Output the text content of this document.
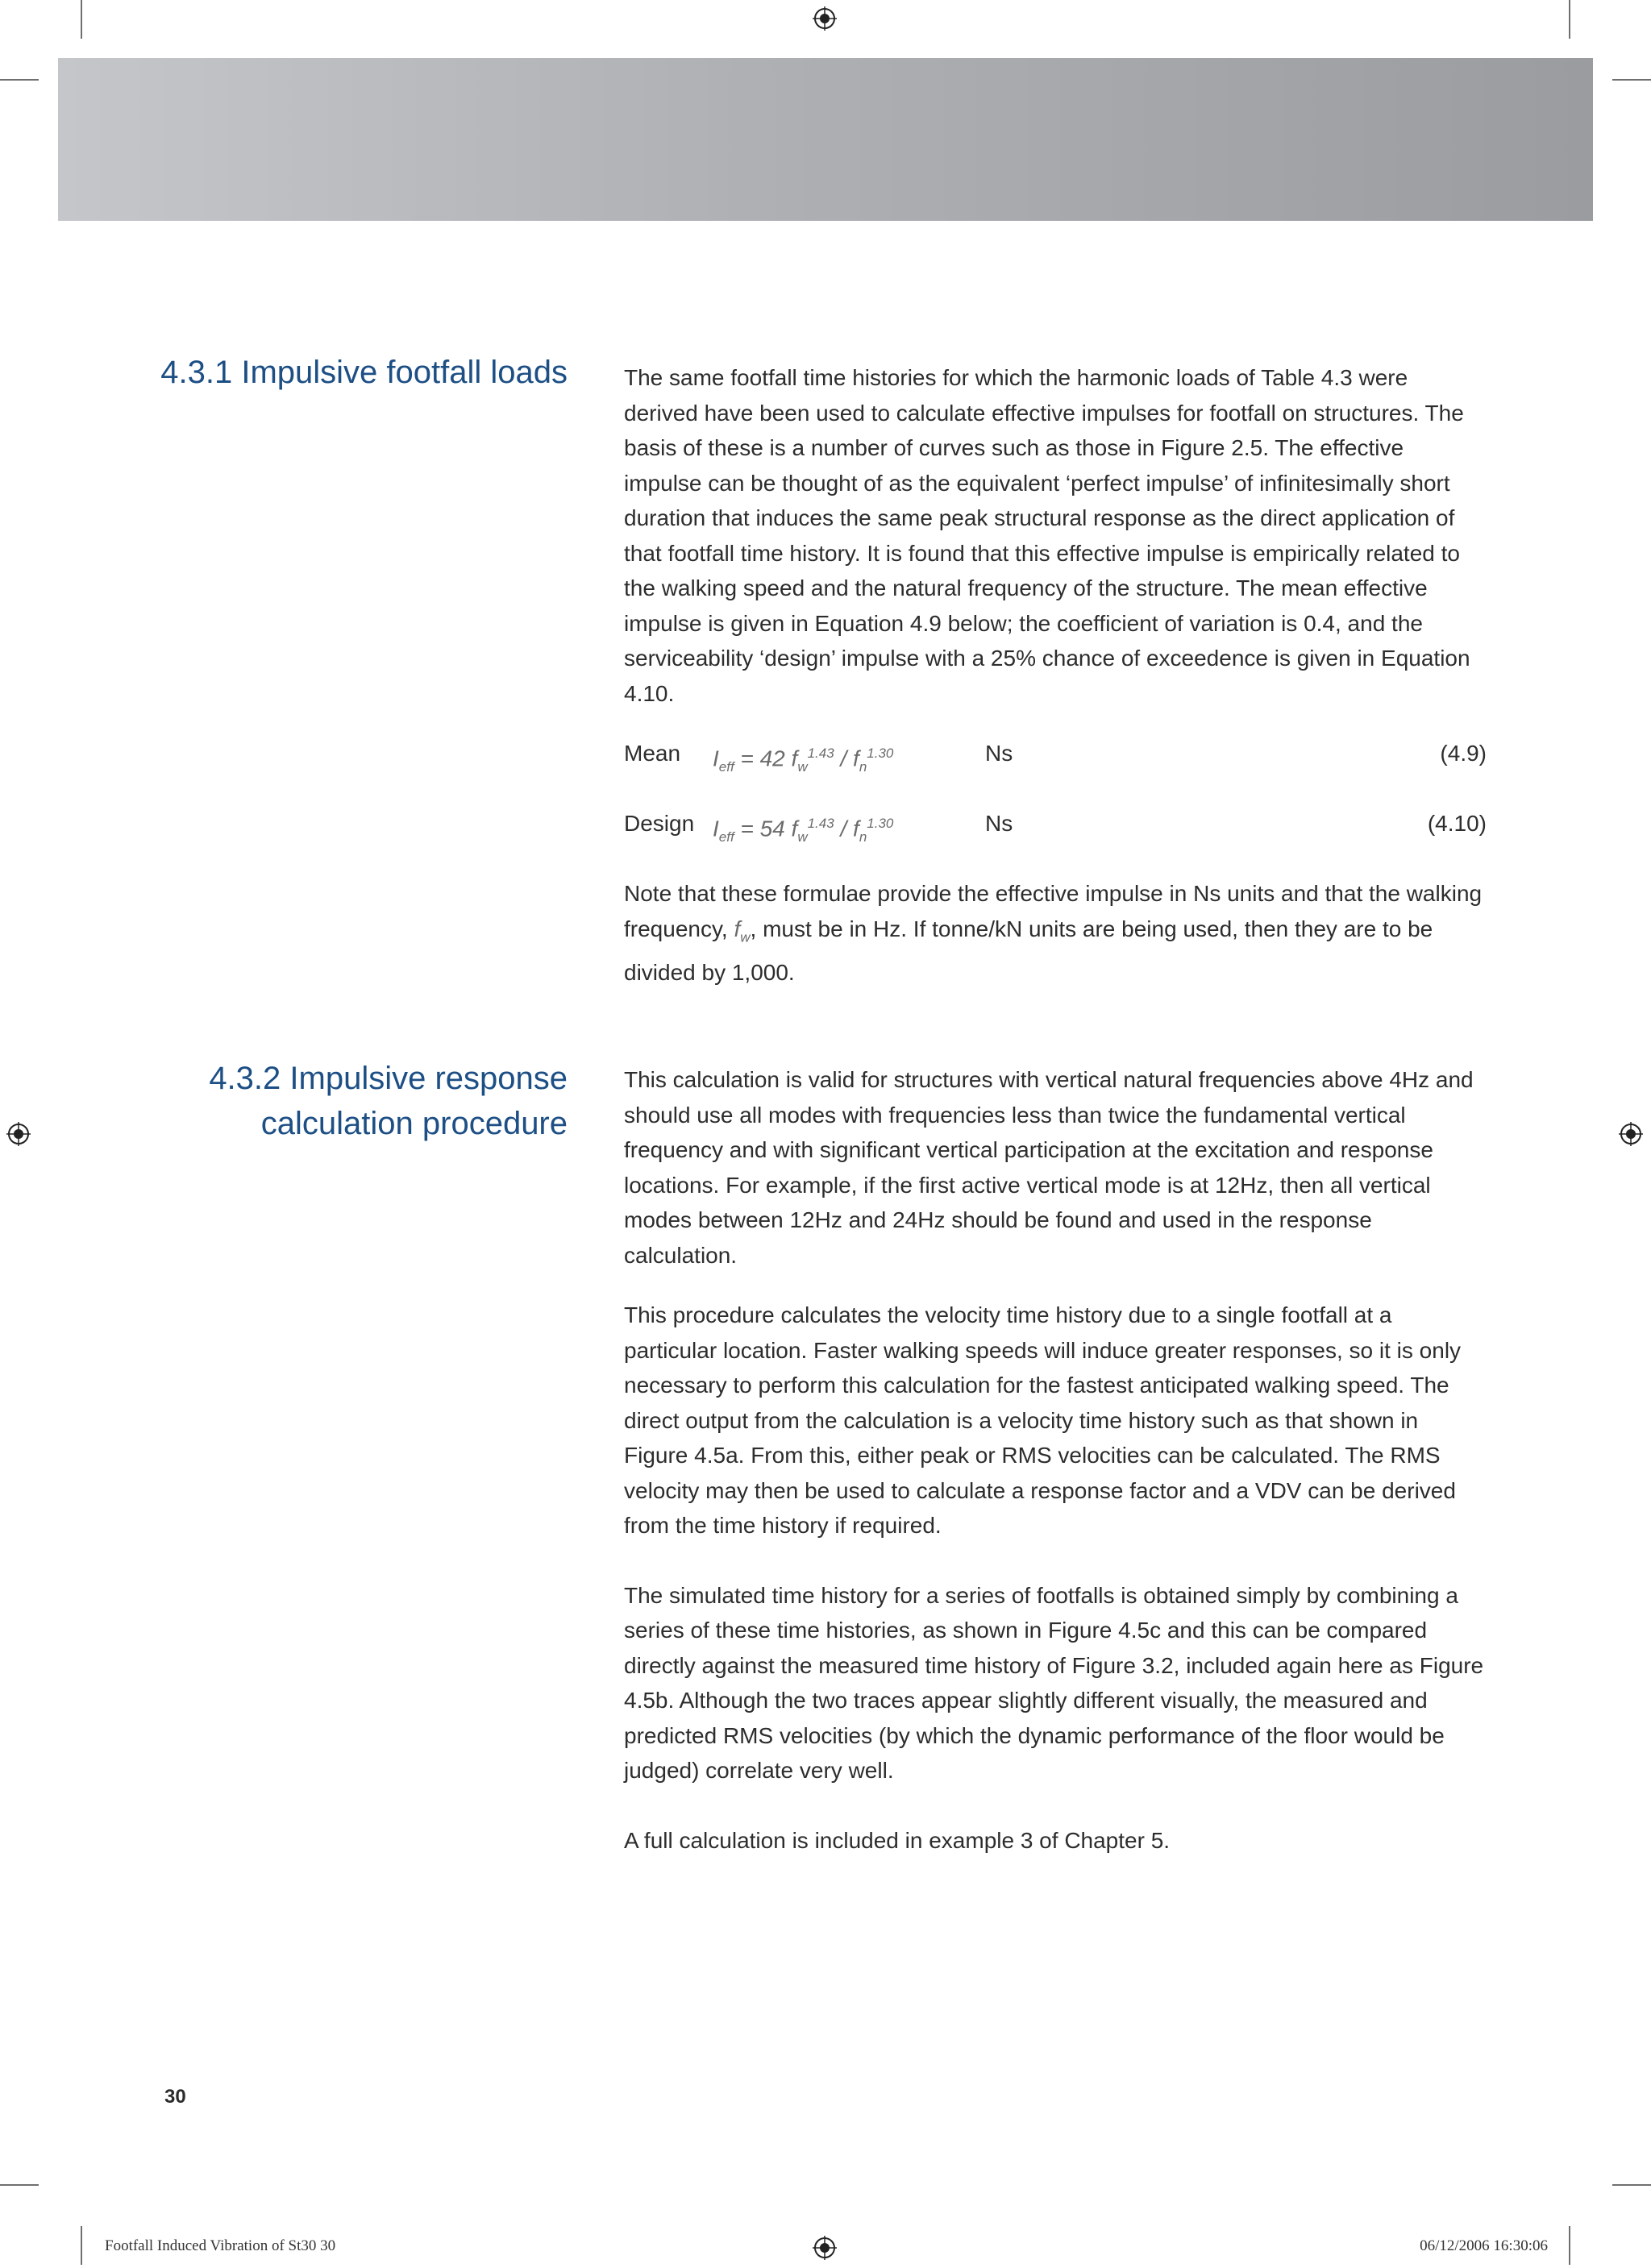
4.3.1 Impulsive footfall loads	The same footfall time histories for which the harmonic loads of Table 4.3 were derived have been used to calculate effective impulses for footfall on structures. The basis of these is a number of curves such as those in Figure 2.5. The effective impulse can be thought of as the equivalent ‘perfect impulse’ of infinitesimally short duration that induces the same peak structural response as the direct application of that footfall time history. It is found that this effective impulse is empirically related to the walking speed and the natural frequency of the structure. The mean effective impulse is given in Equation 4.9 below; the coefficient of variation is 0.4, and the serviceability ‘design’ impulse with a 25% chance of exceedence is given in Equation 4.10.

Mean $I_{eff} = 42$ $f_w^{1.43} / f_n^{1.30}$	Ns	(4.9)
Design $I_{eff} = 54$ $f_w^{1.43} / f_n^{1.30}$	Ns	(4.10)

Note that these formulae provide the effective impulse in Ns units and that the walking frequency, $f_w$, must be in Hz. If tonne/kN units are being used, then they are to be divided by 1,000.

4.3.2 Impulsive response
calculation procedure

This calculation is valid for structures with vertical natural frequencies above 4Hz and should use all modes with frequencies less than twice the fundamental vertical frequency and with significant vertical participation at the excitation and response locations. For example, if the first active vertical mode is at 12Hz, then all vertical modes between 12Hz and 24Hz should be found and used in the response calculation.

This procedure calculates the velocity time history due to a single footfall at a particular location. Faster walking speeds will induce greater responses, so it is only necessary to perform this calculation for the fastest anticipated walking speed. The direct output from the calculation is a velocity time history such as that shown in Figure 4.5a. From this, either peak or RMS velocities can be calculated. The RMS velocity may then be used to calculate a response factor and a VDV can be derived from the time history if required.

The simulated time history for a series of footfalls is obtained simply by combining a series of these time histories, as shown in Figure 4.5c and this can be compared directly against the measured time history of Figure 3.2, included again here as Figure 4.5b. Although the two traces appear slightly different visually, the measured and predicted RMS velocities (by which the dynamic performance of the floor would be judged) correlate very well.

A full calculation is included in example 3 of Chapter 5.

30
Footfall Induced Vibration of St30 30	06/12/2006 16:30:06
